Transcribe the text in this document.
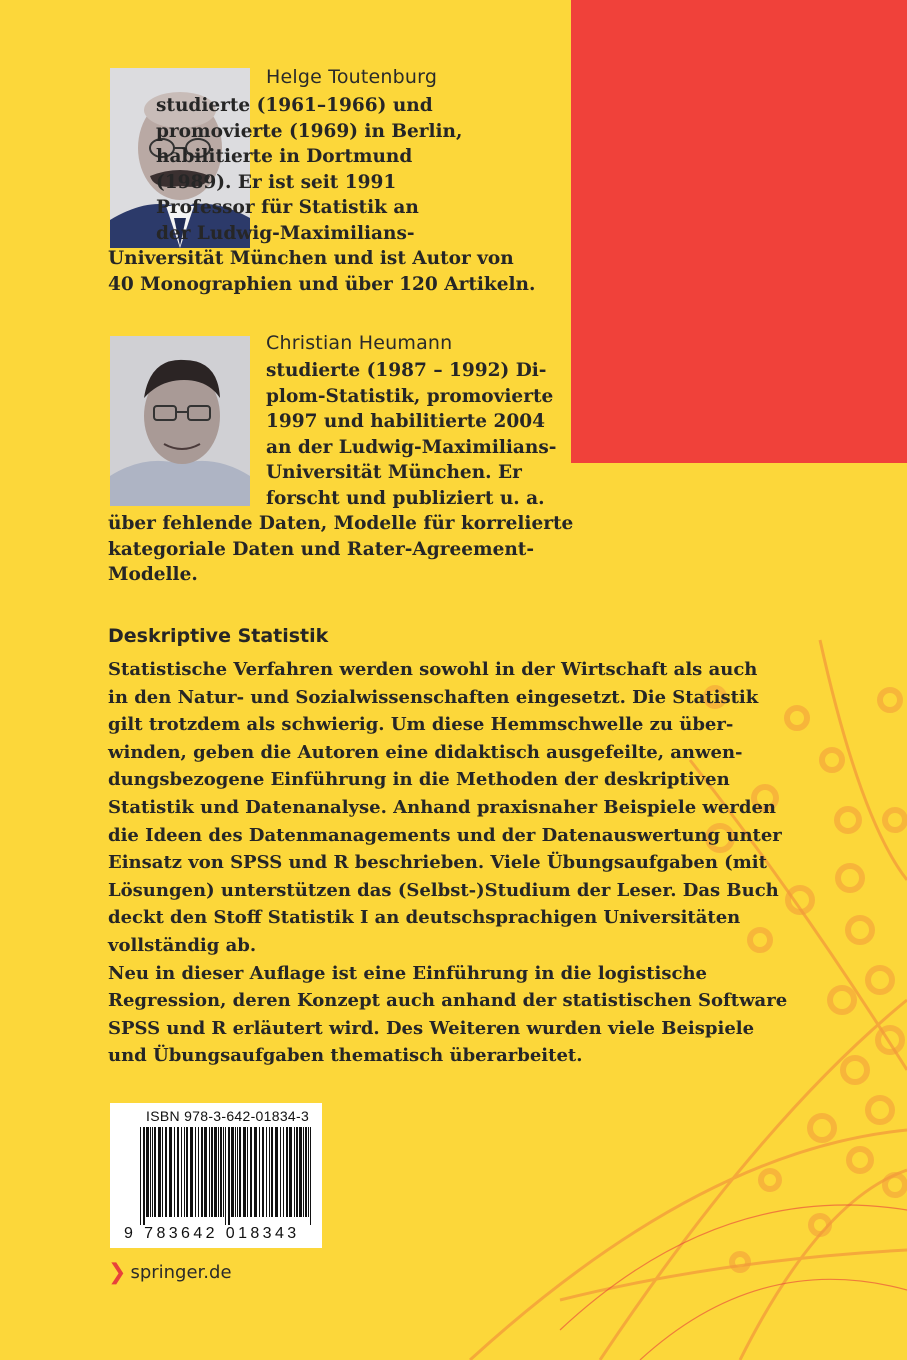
Helge Toutenburg

studierte (1961–1966) und
promovierte (1969) in Berlin,
habilitierte in Dortmund
(1989). Er ist seit 1991
Professor für Statistik an
der Ludwig-Maximilians-
Universität München und ist Autor von
40 Monographien und über 120 Artikeln.

Christian Heumann

studierte (1987 – 1992) Di-
plom-Statistik, promovierte
1997 und habilitierte 2004
an der Ludwig-Maximilians-
Universität München. Er
forscht und publiziert u. a.
über fehlende Daten, Modelle für korrelierte
kategoriale Daten und Rater-Agreement-
Modelle.

Deskriptive Statistik

Statistische Verfahren werden sowohl in der Wirtschaft als auch
in den Natur- und Sozialwissenschaften eingesetzt. Die Statistik
gilt trotzdem als schwierig. Um diese Hemmschwelle zu über-
winden, geben die Autoren eine didaktisch ausgefeilte, anwen-
dungsbezogene Einführung in die Methoden der deskriptiven
Statistik und Datenanalyse. Anhand praxisnaher Beispiele werden
die Ideen des Datenmanagements und der Datenauswertung unter
Einsatz von SPSS und R beschrieben. Viele Übungsaufgaben (mit
Lösungen) unterstützen das (Selbst-)Studium der Leser. Das Buch
deckt den Stoff Statistik I an deutschsprachigen Universitäten
vollständig ab.
Neu in dieser Auflage ist eine Einführung in die logistische
Regression, deren Konzept auch anhand der statistischen Software
SPSS und R erläutert wird. Des Weiteren wurden viele Beispiele
und Übungsaufgaben thematisch überarbeitet.

ISBN 978-3-642-01834-3
9 783642 018343
❯ springer.de
